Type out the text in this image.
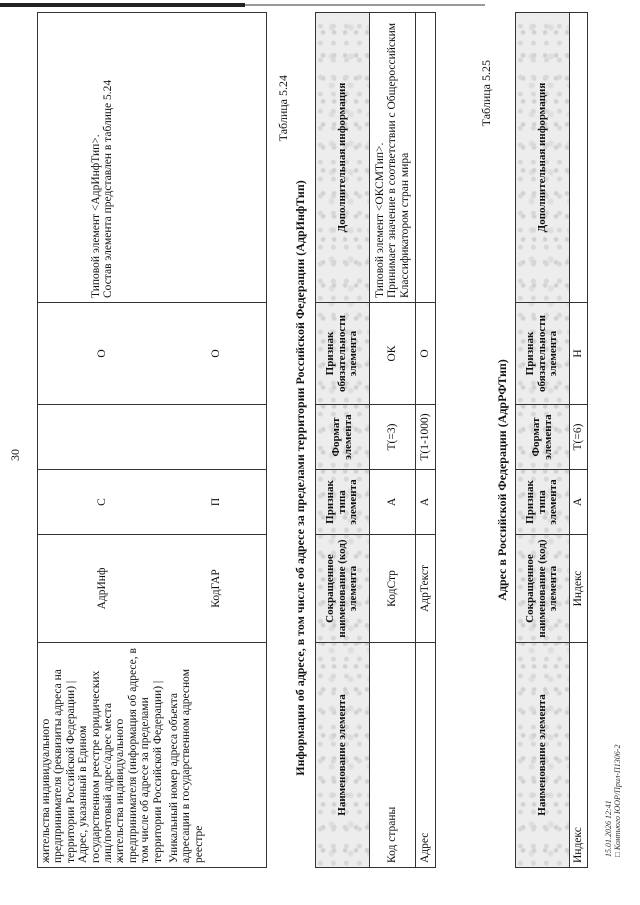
30
жительства индивидуального предпринимателя (реквизиты адреса на территории Российской Федерации) | Адрес, указанный в Едином государственном реестре юридических лиц/почтовый адрес/адрес места жительства индивидуального предпринимателя (информация об адресе, в том числе об адресе за пределами территории Российской Федерации) |	АдрИнф	С		О	Типовой элемент <АдрИнфТип>.
Состав элемента представлен в таблице 5.24
Уникальный номер адреса объекта адресации в государственном адресном реестре	КодГАР	П		О	
Таблица 5.24
Информация об адресе, в том числе об адресе за пределами территории Российской Федерации (АдрИнфТип)	Наименование элемента	Сокращенное наименование (код) элемента	Признак типа элемента	Формат элемента	Признак обязательности элемента	Дополнительная информация
Код страны	КодСтр	А	Т(=3)	ОК	Типовой элемент <ОКСМТип>.
Принимает значение в соответствии с Общероссийским Классификатором стран мира
Адрес	АдрТекст	А	Т(1-1000)	О	
Таблица 5.25
Адрес в Российской Федерации (АдрРФТип)
Наименование элемента	Сокращенное наименование (код) элемента	Признак типа элемента	Формат элемента	Признак обязательности элемента	Дополнительная информация
Индекс	Индекс	А	Т(=6)	Н	
15.01.2026 12:41 □ Компьюго ЮОР/Прил-П1306-2
